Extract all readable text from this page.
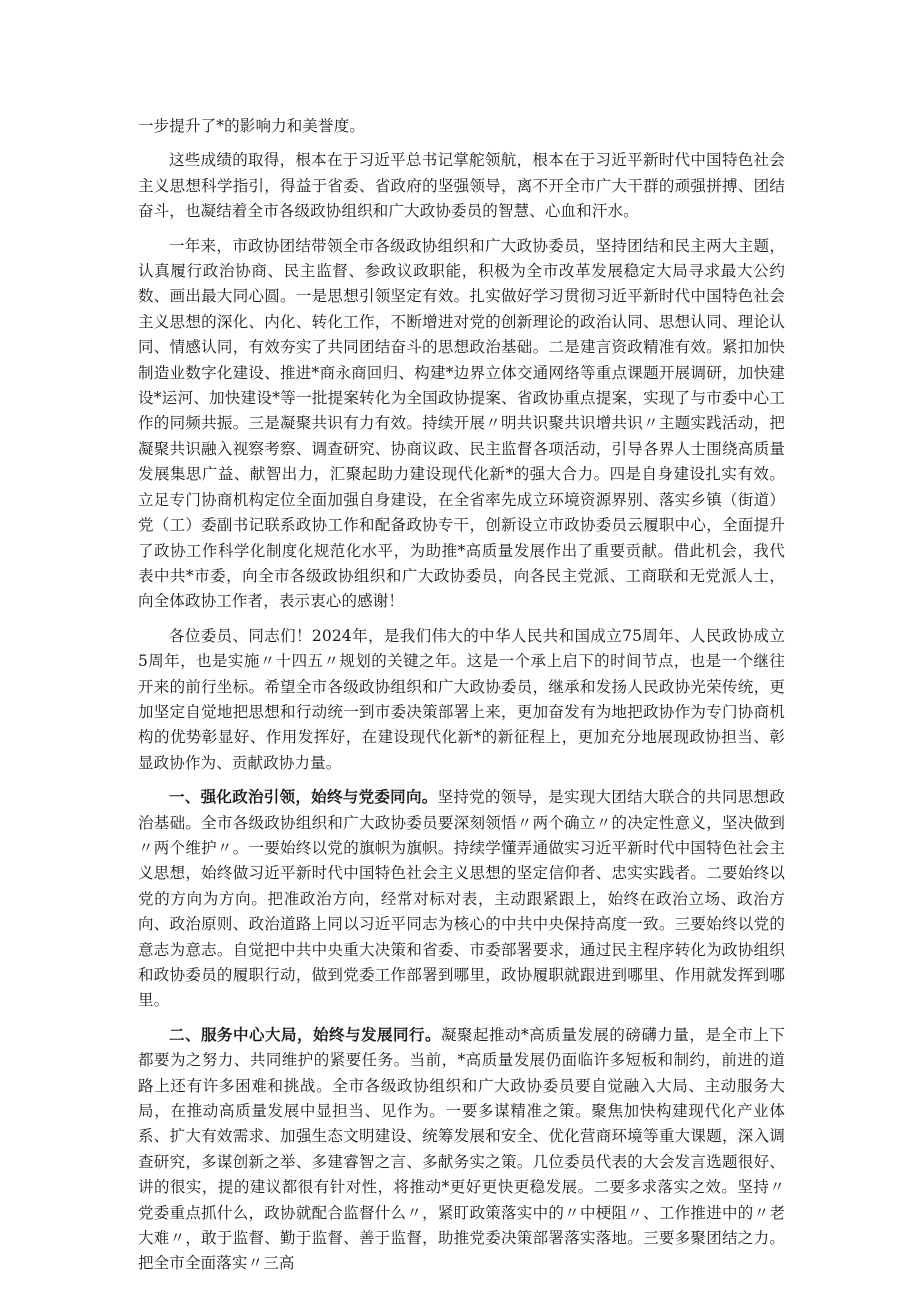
一步提升了*的影响力和美誉度。

这些成绩的取得，根本在于习近平总书记掌舵领航，根本在于习近平新时代中国特色社会主义思想科学指引，得益于省委、省政府的坚强领导，离不开全市广大干群的顽强拼搏、团结奋斗，也凝结着全市各级政协组织和广大政协委员的智慧、心血和汗水。

一年来，市政协团结带领全市各级政协组织和广大政协委员，坚持团结和民主两大主题，认真履行政治协商、民主监督、参政议政职能，积极为全市改革发展稳定大局寻求最大公约数、画出最大同心圆。一是思想引领坚定有效。扎实做好学习贯彻习近平新时代中国特色社会主义思想的深化、内化、转化工作，不断增进对党的创新理论的政治认同、思想认同、理论认同、情感认同，有效夯实了共同团结奋斗的思想政治基础。二是建言资政精准有效。紧扣加快制造业数字化建设、推进*商永商回归、构建*边界立体交通网络等重点课题开展调研，加快建设*运河、加快建设*等一批提案转化为全国政协提案、省政协重点提案，实现了与市委中心工作的同频共振。三是凝聚共识有力有效。持续开展〃明共识聚共识增共识〃主题实践活动，把凝聚共识融入视察考察、调查研究、协商议政、民主监督各项活动，引导各界人士围绕高质量发展集思广益、献智出力，汇聚起助力建设现代化新*的强大合力。四是自身建设扎实有效。立足专门协商机构定位全面加强自身建设，在全省率先成立环境资源界别、落实乡镇（街道）党（工）委副书记联系政协工作和配备政协专干，创新设立市政协委员云履职中心，全面提升了政协工作科学化制度化规范化水平，为助推*高质量发展作出了重要贡献。借此机会，我代表中共*市委，向全市各级政协组织和广大政协委员，向各民主党派、工商联和无党派人士，向全体政协工作者，表示衷心的感谢！

各位委员、同志们！2024年，是我们伟大的中华人民共和国成立75周年、人民政协成立5周年，也是实施〃十四五〃规划的关键之年。这是一个承上启下的时间节点，也是一个继往开来的前行坐标。希望全市各级政协组织和广大政协委员，继承和发扬人民政协光荣传统，更加坚定自觉地把思想和行动统一到市委决策部署上来，更加奋发有为地把政协作为专门协商机构的优势彰显好、作用发挥好，在建设现代化新*的新征程上，更加充分地展现政协担当、彰显政协作为、贡献政协力量。

一、强化政治引领，始终与党委同向。坚持党的领导，是实现大团结大联合的共同思想政治基础。全市各级政协组织和广大政协委员要深刻领悟〃两个确立〃的决定性意义，坚决做到〃两个维护〃。一要始终以党的旗帜为旗帜。持续学懂弄通做实习近平新时代中国特色社会主义思想，始终做习近平新时代中国特色社会主义思想的坚定信仰者、忠实实践者。二要始终以党的方向为方向。把准政治方向，经常对标对表，主动跟紧跟上，始终在政治立场、政治方向、政治原则、政治道路上同以习近平同志为核心的中共中央保持高度一致。三要始终以党的意志为意志。自觉把中共中央重大决策和省委、市委部署要求，通过民主程序转化为政协组织和政协委员的履职行动，做到党委工作部署到哪里，政协履职就跟进到哪里、作用就发挥到哪里。

二、服务中心大局，始终与发展同行。凝聚起推动*高质量发展的磅礴力量，是全市上下都要为之努力、共同维护的紧要任务。当前，*高质量发展仍面临许多短板和制约，前进的道路上还有许多困难和挑战。全市各级政协组织和广大政协委员要自觉融入大局、主动服务大局，在推动高质量发展中显担当、见作为。一要多谋精准之策。聚焦加快构建现代化产业体系、扩大有效需求、加强生态文明建设、统筹发展和安全、优化营商环境等重大课题，深入调查研究，多谋创新之举、多建睿智之言、多献务实之策。几位委员代表的大会发言选题很好、讲的很实，提的建议都很有针对性，将推动*更好更快更稳发展。二要多求落实之效。坚持〃党委重点抓什么，政协就配合监督什么〃，紧盯政策落实中的〃中梗阻〃、工作推进中的〃老大难〃，敢于监督、勤于监督、善于监督，助推党委决策部署落实落地。三要多聚团结之力。把全市全面落实〃三高
